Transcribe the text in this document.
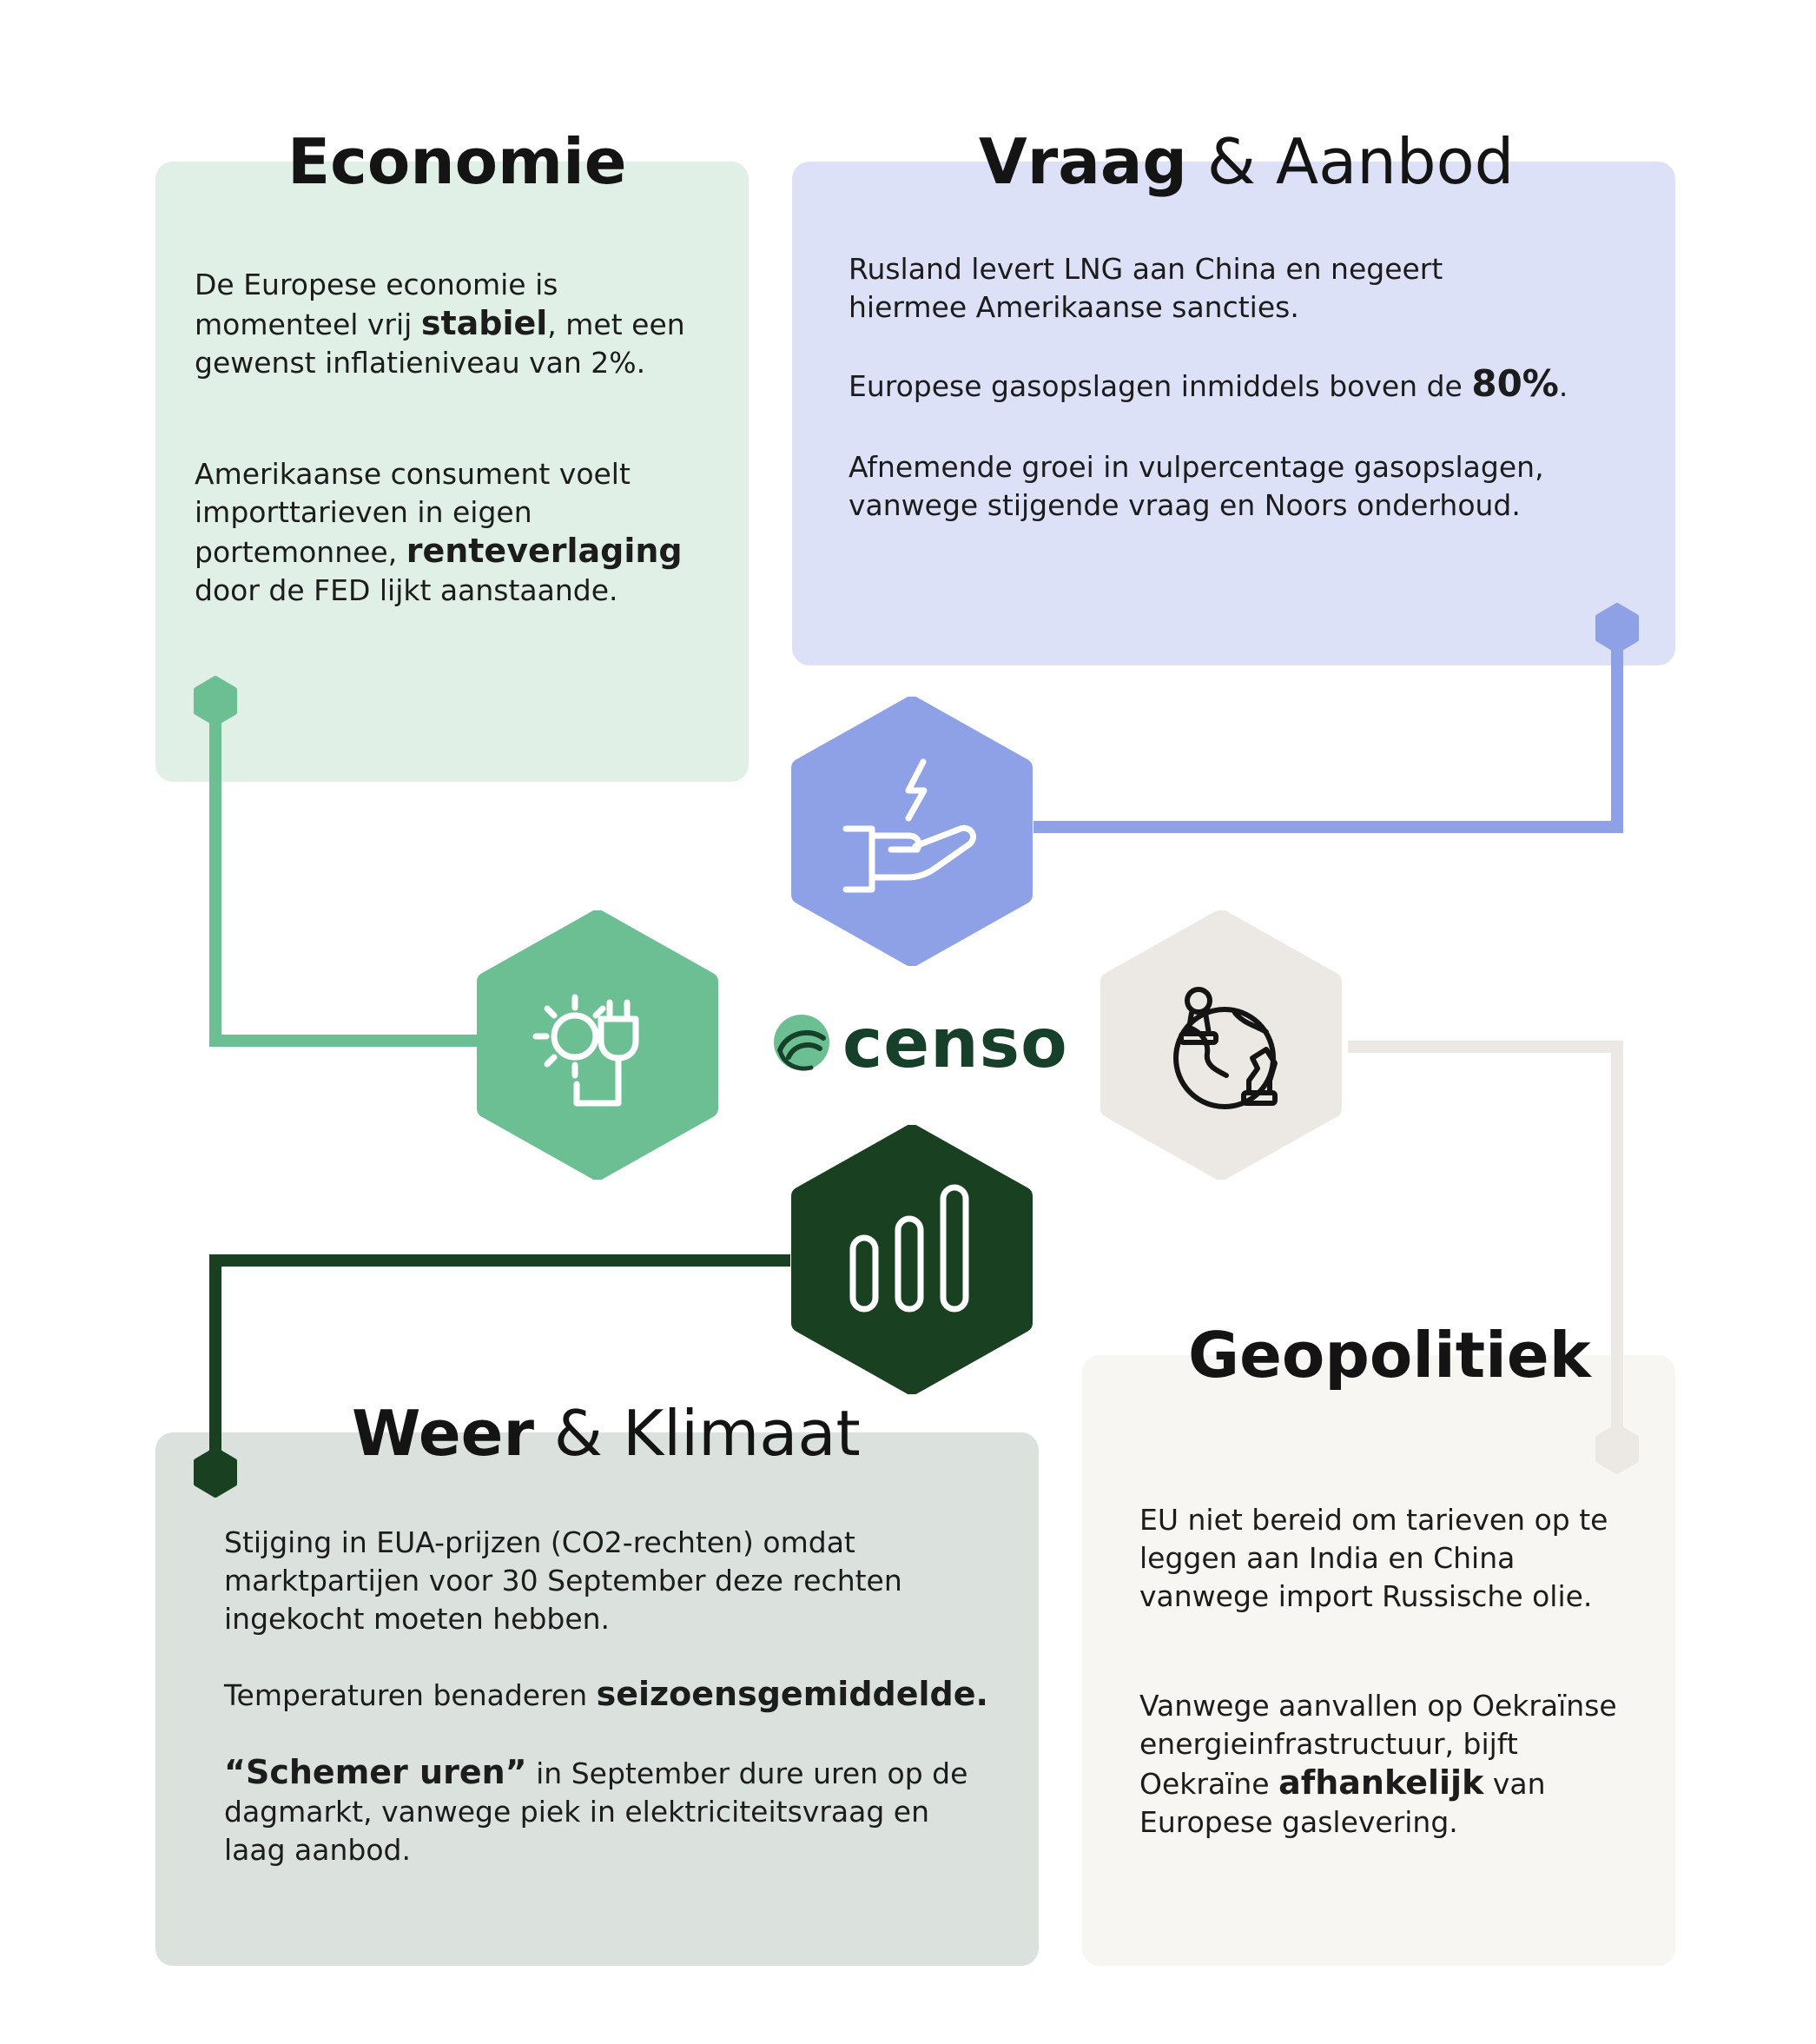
Economie	Vraag & Aanbod
Weer & Klimaat
Geopolitiek

De Europese economie is momenteel vrij stabiel, met een gewenst inflatieniveau van 2%.

Amerikaanse consument voelt importtarieven in eigen portemonnee, renteverlaging door de FED lijkt aanstaande.

Rusland levert LNG aan China en negeert hiermee Amerikaanse sancties.

Europese gasopslagen inmiddels boven de 80%.

Afnemende groei in vulpercentage gasopslagen, vanwege stijgende vraag en Noors onderhoud.

Stijging in EUA-prijzen (CO2-rechten) omdat marktpartijen voor 30 September deze rechten ingekocht moeten hebben.

Temperaturen benaderen seizoensgemiddelde.

“Schemer uren” in September dure uren op de dagmarkt, vanwege piek in elektriciteitsvraag en laag aanbod.

EU niet bereid om tarieven op te leggen aan India en China vanwege import Russische olie.

Vanwege aanvallen op Oekraïnse energieinfrastructuur, bijft Oekraïne afhankelijk van Europese gaslevering.

censo
